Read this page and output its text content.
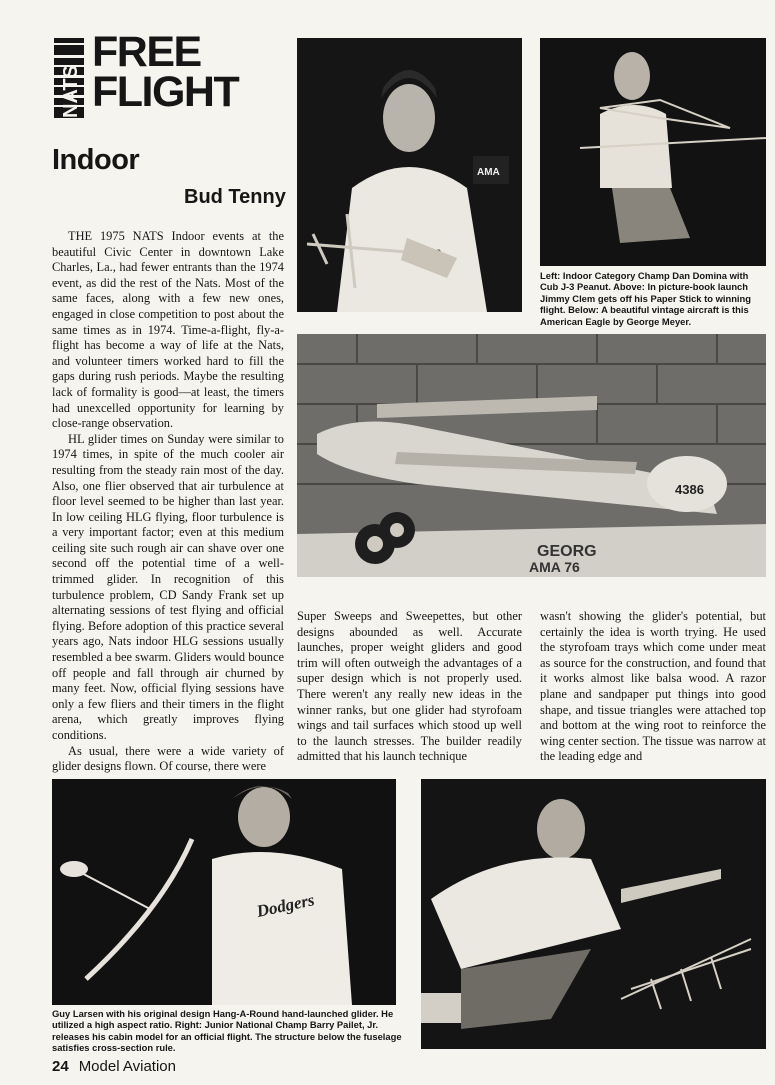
NATS
FREE
FLIGHT
Indoor
Bud Tenny

THE 1975 NATS Indoor events at the beautiful Civic Center in downtown Lake Charles, La., had fewer entrants than the 1974 event, as did the rest of the Nats. Most of the same faces, along with a few new ones, engaged in close competition to post about the same times as in 1974. Time-a-flight, fly-a-flight has become a way of life at the Nats, and volunteer timers worked hard to fill the gaps during rush periods. Maybe the resulting lack of formality is good—at least, the timers had unexcelled opportunity for learning by close-range observation.

HL glider times on Sunday were similar to 1974 times, in spite of the much cooler air resulting from the steady rain most of the day. Also, one flier observed that air turbulence at floor level seemed to be higher than last year. In low ceiling HLG flying, floor turbulence is a very important factor; even at this medium ceiling site such rough air can shave over one second off the potential time of a well-trimmed glider. In recognition of this turbulence problem, CD Sandy Frank set up alternating sessions of test flying and official flying. Before adoption of this practice several years ago, Nats indoor HLG sessions usually resembled a bee swarm. Gliders would bounce off people and fall through air churned by many feet. Now, official flying sessions have only a few fliers and their timers in the flight arena, which greatly improves flying conditions.

As usual, there were a wide variety of glider designs flown. Of course, there were

Super Sweeps and Sweepettes, but other designs abounded as well. Accurate launches, proper weight gliders and good trim will often outweigh the advantages of a super design which is not properly used. There weren't any really new ideas in the winner ranks, but one glider had styrofoam wings and tail surfaces which stood up well to the launch stresses. The builder readily admitted that his launch technique
wasn't showing the glider's potential, but certainly the idea is worth trying. He used the styrofoam trays which come under meat as source for the construction, and found that it works almost like balsa wood. A razor plane and sandpaper put things into good shape, and tissue triangles were attached top and bottom at the wing root to reinforce the wing center section. The tissue was narrow at the leading edge and
AMA
Left: Indoor Category Champ Dan Domina with Cub J-3 Peanut. Above: In picture-book launch Jimmy Clem gets off his Paper Stick to winning flight. Below: A beautiful vintage aircraft is this American Eagle by George Meyer.
4386
GEORG
AMA 76
Dodgers
Guy Larsen with his original design Hang-A-Round hand-launched glider. He utilized a high aspect ratio. Right: Junior National Champ Barry Pailet, Jr. releases his cabin model for an official flight. The structure below the fuselage satisfies cross-section rule.
24 Model Aviation
